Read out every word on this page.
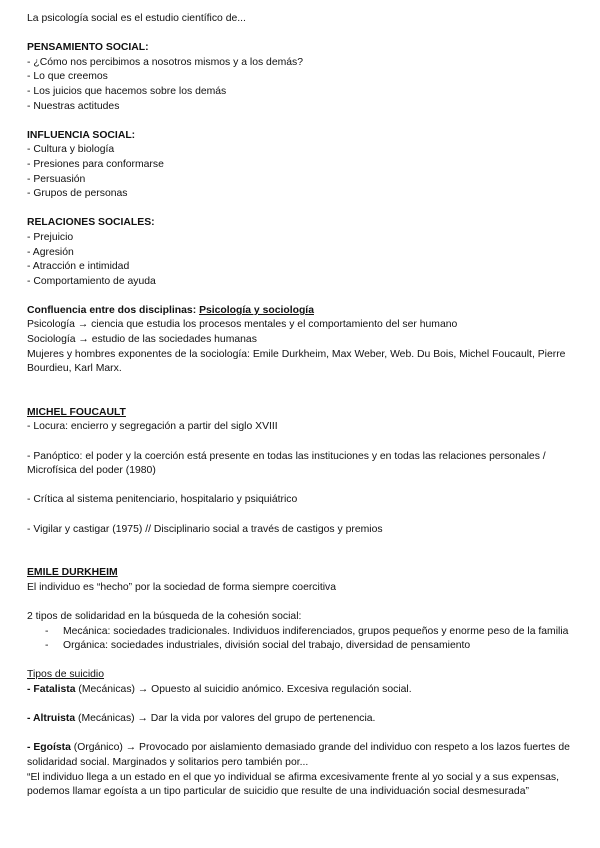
La psicología social es el estudio científico de...

PENSAMIENTO SOCIAL:

- ¿Cómo nos percibimos a nosotros mismos y a los demás?

- Lo que creemos

- Los juicios que hacemos sobre los demás

- Nuestras actitudes

INFLUENCIA SOCIAL:

- Cultura y biología

- Presiones para conformarse

- Persuasión

- Grupos de personas

RELACIONES SOCIALES:

- Prejuicio

- Agresión

- Atracción e intimidad

- Comportamiento de ayuda

Confluencia entre dos disciplinas: Psicología y sociología

Psicología → ciencia que estudia los procesos mentales y el comportamiento del ser humano

Sociología → estudio de las sociedades humanas

Mujeres y hombres exponentes de la sociología: Emile Durkheim, Max Weber, Web. Du Bois, Michel Foucault, Pierre Bourdieu, Karl Marx.

MICHEL FOUCAULT

- Locura: encierro y segregación a partir del siglo XVIII

- Panóptico: el poder y la coerción está presente en todas las instituciones y en todas las relaciones personales / Microfísica del poder (1980)

- Crítica al sistema penitenciario, hospitalario y psiquiátrico

- Vigilar y castigar (1975) // Disciplinario social a través de castigos y premios

EMILE DURKHEIM

El individuo es “hecho” por la sociedad de forma siempre coercitiva

2 tipos de solidaridad en la búsqueda de la cohesión social:

- Mecánica: sociedades tradicionales. Individuos indiferenciados, grupos pequeños y enorme peso de la familia

- Orgánica: sociedades industriales, división social del trabajo, diversidad de pensamiento

Tipos de suicidio

- Fatalista (Mecánicas) → Opuesto al suicidio anómico. Excesiva regulación social.

- Altruista (Mecánicas) → Dar la vida por valores del grupo de pertenencia.

- Egoísta (Orgánico) → Provocado por aislamiento demasiado grande del individuo con respeto a los lazos fuertes de solidaridad social. Marginados y solitarios pero también por...

“El individuo llega a un estado en el que yo individual se afirma excesivamente frente al yo social y a sus expensas, podemos llamar egoísta a un tipo particular de suicidio que resulte de una individuación social desmesurada”
